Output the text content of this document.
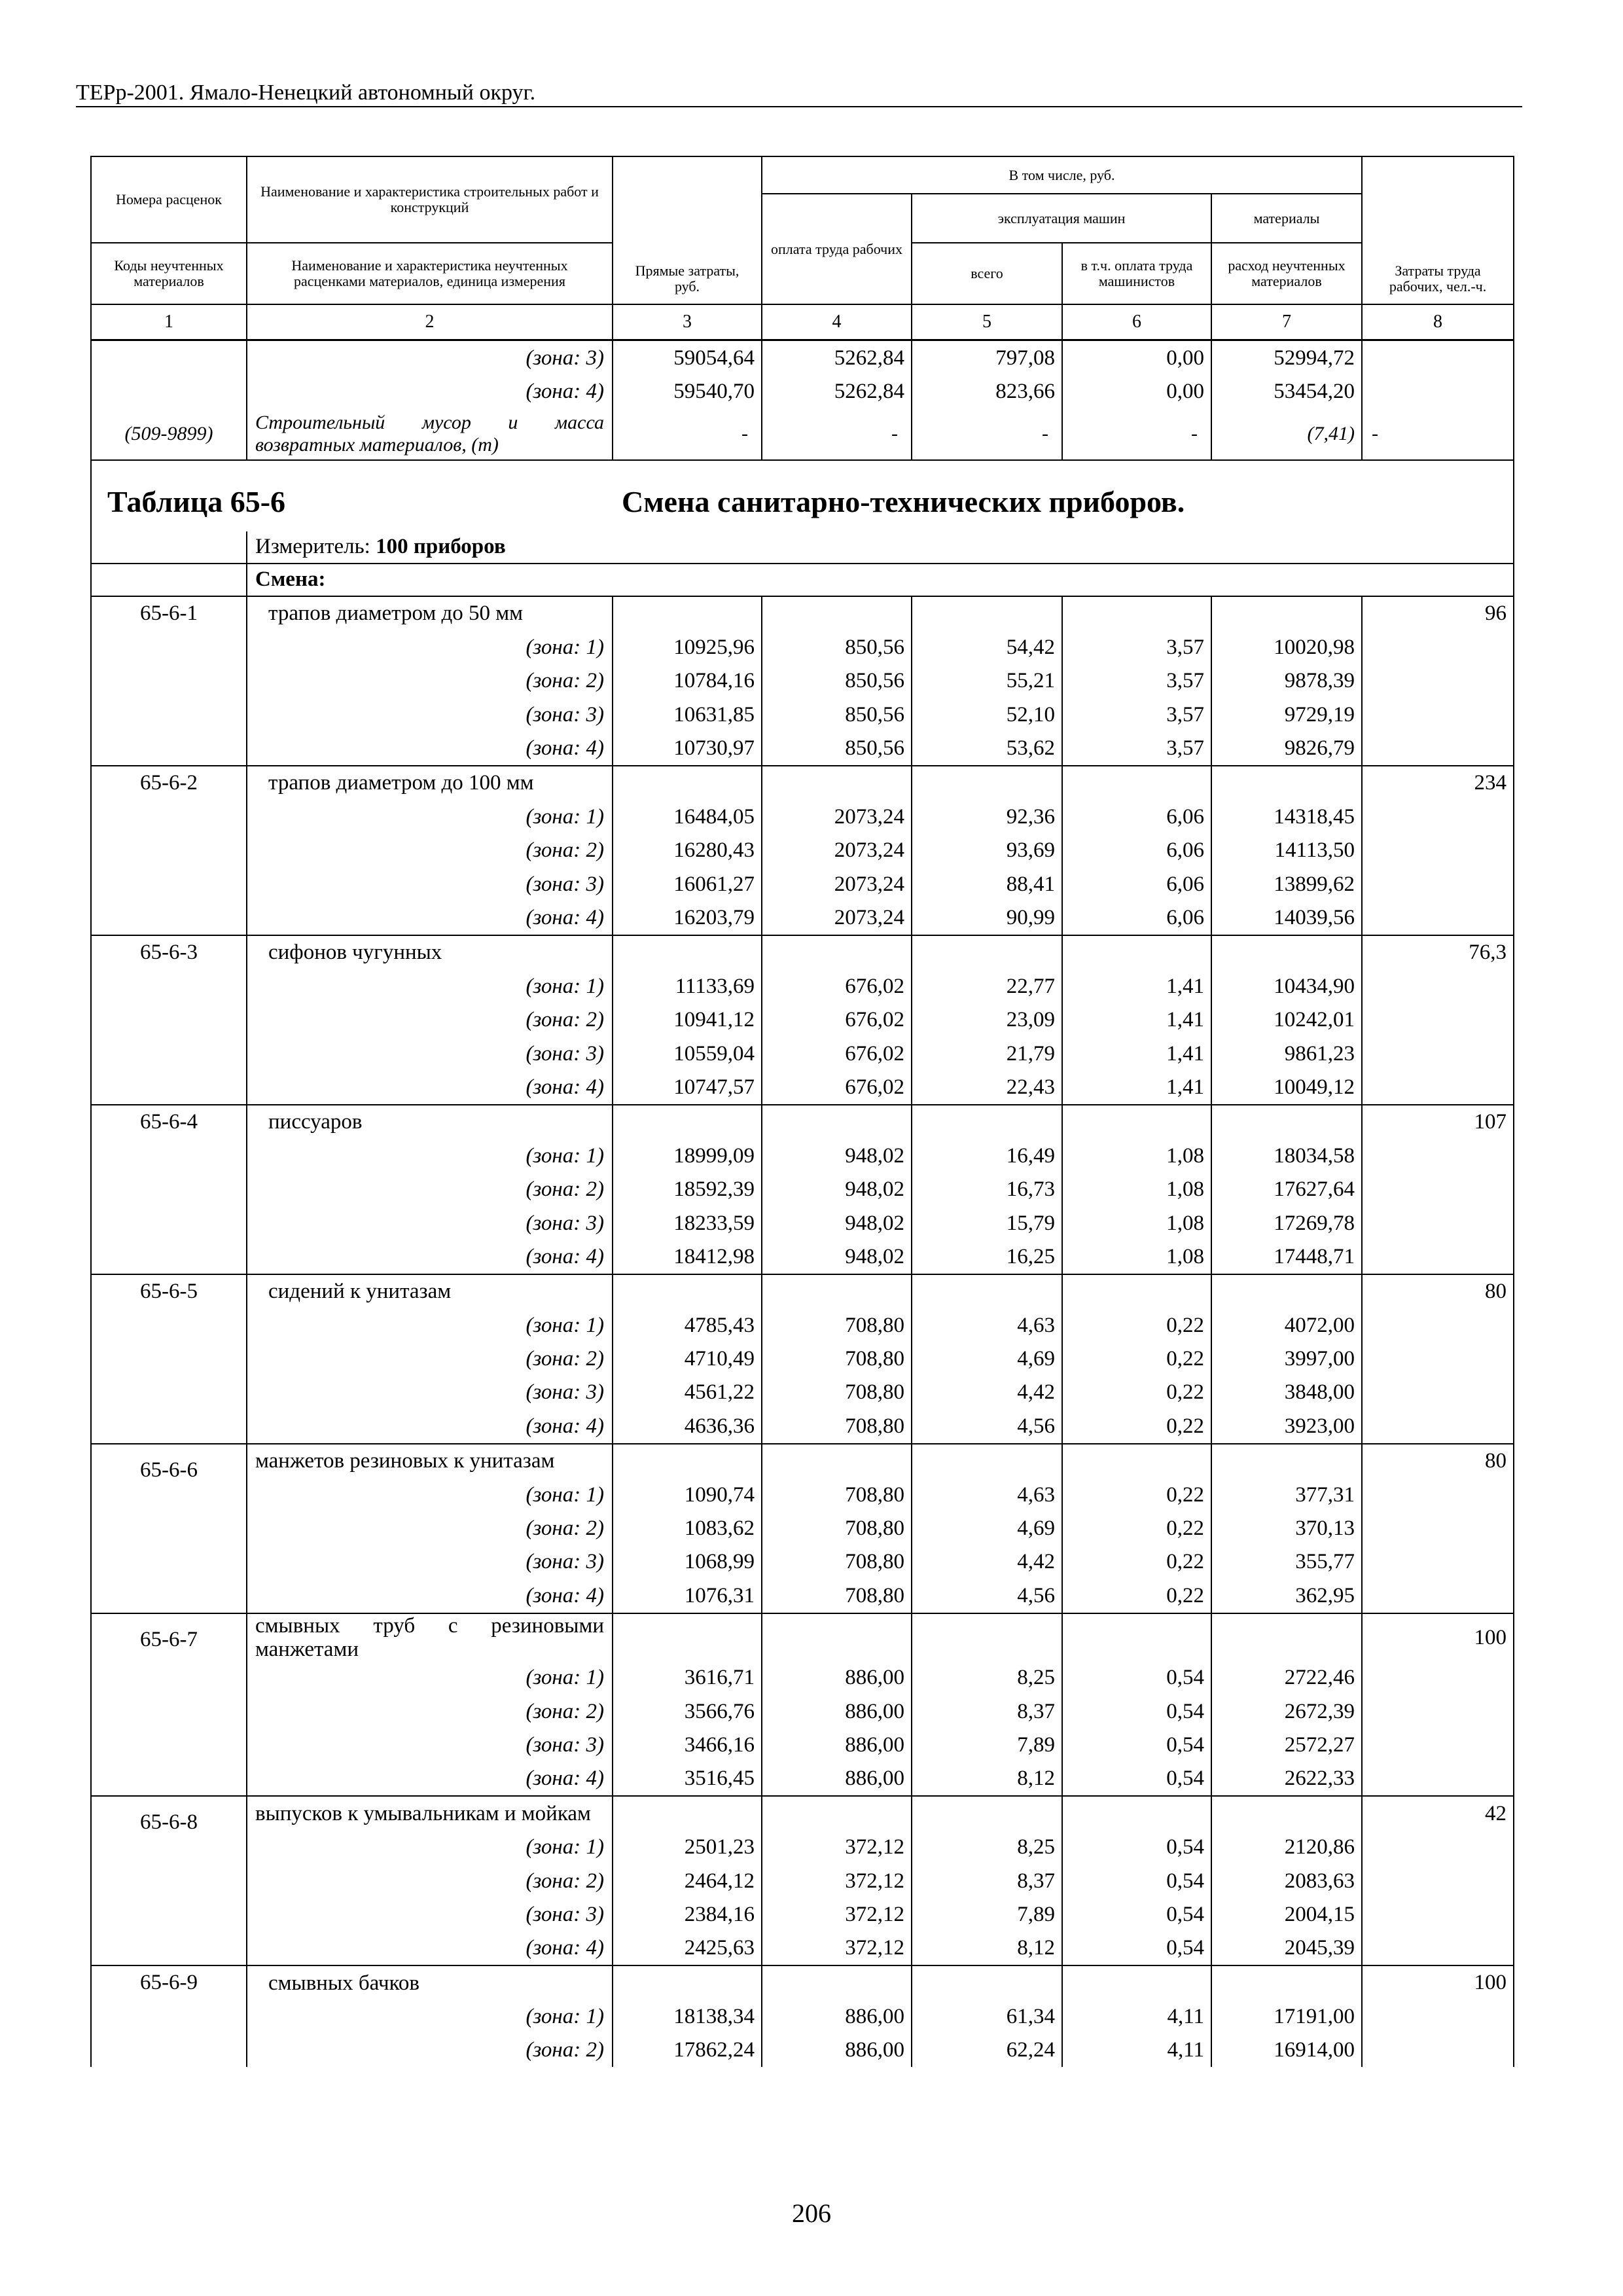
ТЕРр-2001. Ямало-Ненецкий автономный округ.
Номера расценок	Наименование и характеристика строительных работ и конструкций	Прямые затраты, руб.	В том числе, руб.				Затраты труда рабочих, чел.-ч.
			оплата труда рабочих	эксплуатация машин		материалы	
Коды неучтенных материалов	Наименование и характеристика неучтенных расценками материалов, единица измерения			всего	в т.ч. оплата труда машинистов	расход неучтенных материалов	
1	2	3	4	5	6	7	8
	(зона: 3)	59054,64	5262,84	797,08	0,00	52994,72	
	(зона: 4)	59540,70	5262,84	823,66	0,00	53454,20	
(509-9899)	Строительный мусор и масса возвратных материалов, (т)	-	-	-	-	(7,41)	-

Таблица 65-6 Смена санитарно-технических приборов.							

	Измеритель: 100 приборов						
	Смена:						
65-6-1	трапов диаметром до 50 мм						96
	(зона: 1)	10925,96	850,56	54,42	3,57	10020,98	
	(зона: 2)	10784,16	850,56	55,21	3,57	9878,39	
	(зона: 3)	10631,85	850,56	52,10	3,57	9729,19	
	(зона: 4)	10730,97	850,56	53,62	3,57	9826,79	
65-6-2	трапов диаметром до 100 мм						234
	(зона: 1)	16484,05	2073,24	92,36	6,06	14318,45	
	(зона: 2)	16280,43	2073,24	93,69	6,06	14113,50	
	(зона: 3)	16061,27	2073,24	88,41	6,06	13899,62	
	(зона: 4)	16203,79	2073,24	90,99	6,06	14039,56	
65-6-3	сифонов чугунных						76,3
	(зона: 1)	11133,69	676,02	22,77	1,41	10434,90	
	(зона: 2)	10941,12	676,02	23,09	1,41	10242,01	
	(зона: 3)	10559,04	676,02	21,79	1,41	9861,23	
	(зона: 4)	10747,57	676,02	22,43	1,41	10049,12	
65-6-4	писсуаров						107
	(зона: 1)	18999,09	948,02	16,49	1,08	18034,58	
	(зона: 2)	18592,39	948,02	16,73	1,08	17627,64	
	(зона: 3)	18233,59	948,02	15,79	1,08	17269,78	
	(зона: 4)	18412,98	948,02	16,25	1,08	17448,71	
65-6-5	сидений к унитазам						80
	(зона: 1)	4785,43	708,80	4,63	0,22	4072,00	
	(зона: 2)	4710,49	708,80	4,69	0,22	3997,00	
	(зона: 3)	4561,22	708,80	4,42	0,22	3848,00	
	(зона: 4)	4636,36	708,80	4,56	0,22	3923,00	
65-6-6	манжетов резиновых к унитазам						80
	(зона: 1)	1090,74	708,80	4,63	0,22	377,31	
	(зона: 2)	1083,62	708,80	4,69	0,22	370,13	
	(зона: 3)	1068,99	708,80	4,42	0,22	355,77	
	(зона: 4)	1076,31	708,80	4,56	0,22	362,95	
65-6-7	смывных труб с резиновыми манжетами						100
	(зона: 1)	3616,71	886,00	8,25	0,54	2722,46	
	(зона: 2)	3566,76	886,00	8,37	0,54	2672,39	
	(зона: 3)	3466,16	886,00	7,89	0,54	2572,27	
	(зона: 4)	3516,45	886,00	8,12	0,54	2622,33	
65-6-8	выпусков к умывальникам и мойкам						42
	(зона: 1)	2501,23	372,12	8,25	0,54	2120,86	
	(зона: 2)	2464,12	372,12	8,37	0,54	2083,63	
	(зона: 3)	2384,16	372,12	7,89	0,54	2004,15	
	(зона: 4)	2425,63	372,12	8,12	0,54	2045,39	
65-6-9	смывных бачков						100
	(зона: 1)	18138,34	886,00	61,34	4,11	17191,00	
	(зона: 2)	17862,24	886,00	62,24	4,11	16914,00	
206
